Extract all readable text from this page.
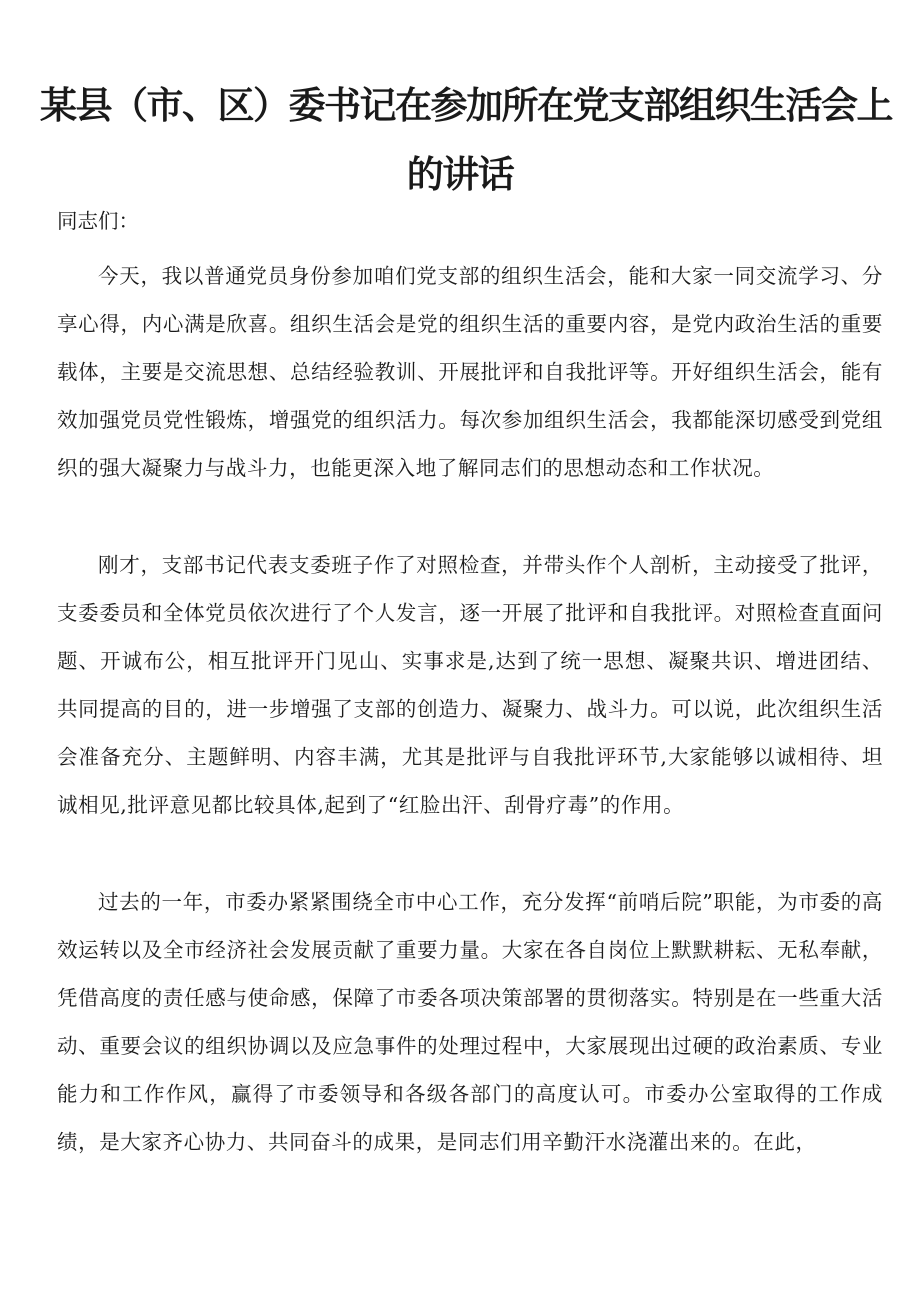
某县（市、区）委书记在参加所在党支部组织生活会上
的讲话

同志们：

今天，我以普通党员身份参加咱们党支部的组织生活会，能和大家一同交流学习、分享心得，内心满是欣喜。组织生活会是党的组织生活的重要内容，是党内政治生活的重要载体，主要是交流思想、总结经验教训、开展批评和自我批评等。开好组织生活会，能有效加强党员党性锻炼，增强党的组织活力。每次参加组织生活会，我都能深切感受到党组织的强大凝聚力与战斗力，也能更深入地了解同志们的思想动态和工作状况。

刚才，支部书记代表支委班子作了对照检查，并带头作个人剖析，主动接受了批评，支委委员和全体党员依次进行了个人发言，逐一开展了批评和自我批评。对照检查直面问题、开诚布公，相互批评开门见山、实事求是,达到了统一思想、凝聚共识、增进团结、共同提高的目的，进一步增强了支部的创造力、凝聚力、战斗力。可以说，此次组织生活会准备充分、主题鲜明、内容丰满，尤其是批评与自我批评环节,大家能够以诚相待、坦诚相见,批评意见都比较具体,起到了“红脸出汗、刮骨疗毒”的作用。

过去的一年，市委办紧紧围绕全市中心工作，充分发挥“前哨后院”职能，为市委的高效运转以及全市经济社会发展贡献了重要力量。大家在各自岗位上默默耕耘、无私奉献，凭借高度的责任感与使命感，保障了市委各项决策部署的贯彻落实。特别是在一些重大活动、重要会议的组织协调以及应急事件的处理过程中，大家展现出过硬的政治素质、专业能力和工作作风，赢得了市委领导和各级各部门的高度认可。市委办公室取得的工作成绩，是大家齐心协力、共同奋斗的成果，是同志们用辛勤汗水浇灌出来的。在此，
